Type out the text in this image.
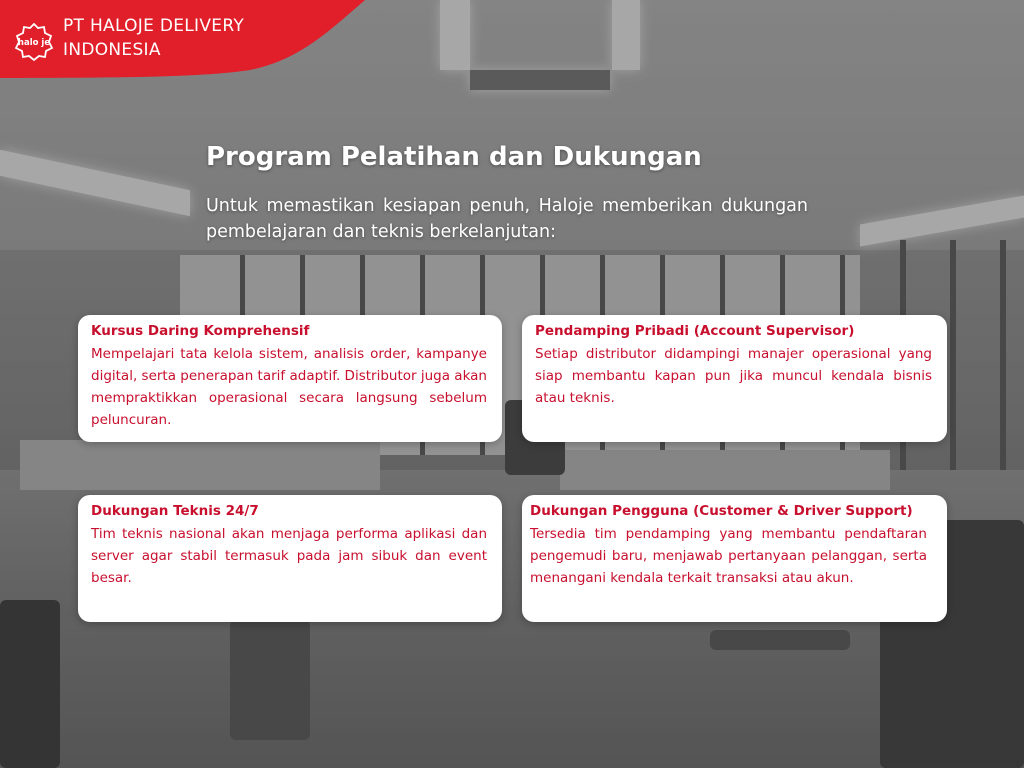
halo je
PT HALOJE DELIVERY
INDONESIA
Program Pelatihan dan Dukungan
Untuk memastikan kesiapan penuh, Haloje memberikan dukungan pembelajaran dan teknis berkelanjutan:
Kursus Daring Komprehensif

Mempelajari tata kelola sistem, analisis order, kampanye digital, serta penerapan tarif adaptif. Distributor juga akan mempraktikkan operasional secara langsung sebelum peluncuran.

Pendamping Pribadi (Account Supervisor)

Setiap distributor didampingi manajer operasional yang siap membantu kapan pun jika muncul kendala bisnis atau teknis.

Dukungan Teknis 24/7

Tim teknis nasional akan menjaga performa aplikasi dan server agar stabil termasuk pada jam sibuk dan event besar.

Dukungan Pengguna (Customer & Driver Support)

Tersedia tim pendamping yang membantu pendaftaran pengemudi baru, menjawab pertanyaan pelanggan, serta menangani kendala terkait transaksi atau akun.
